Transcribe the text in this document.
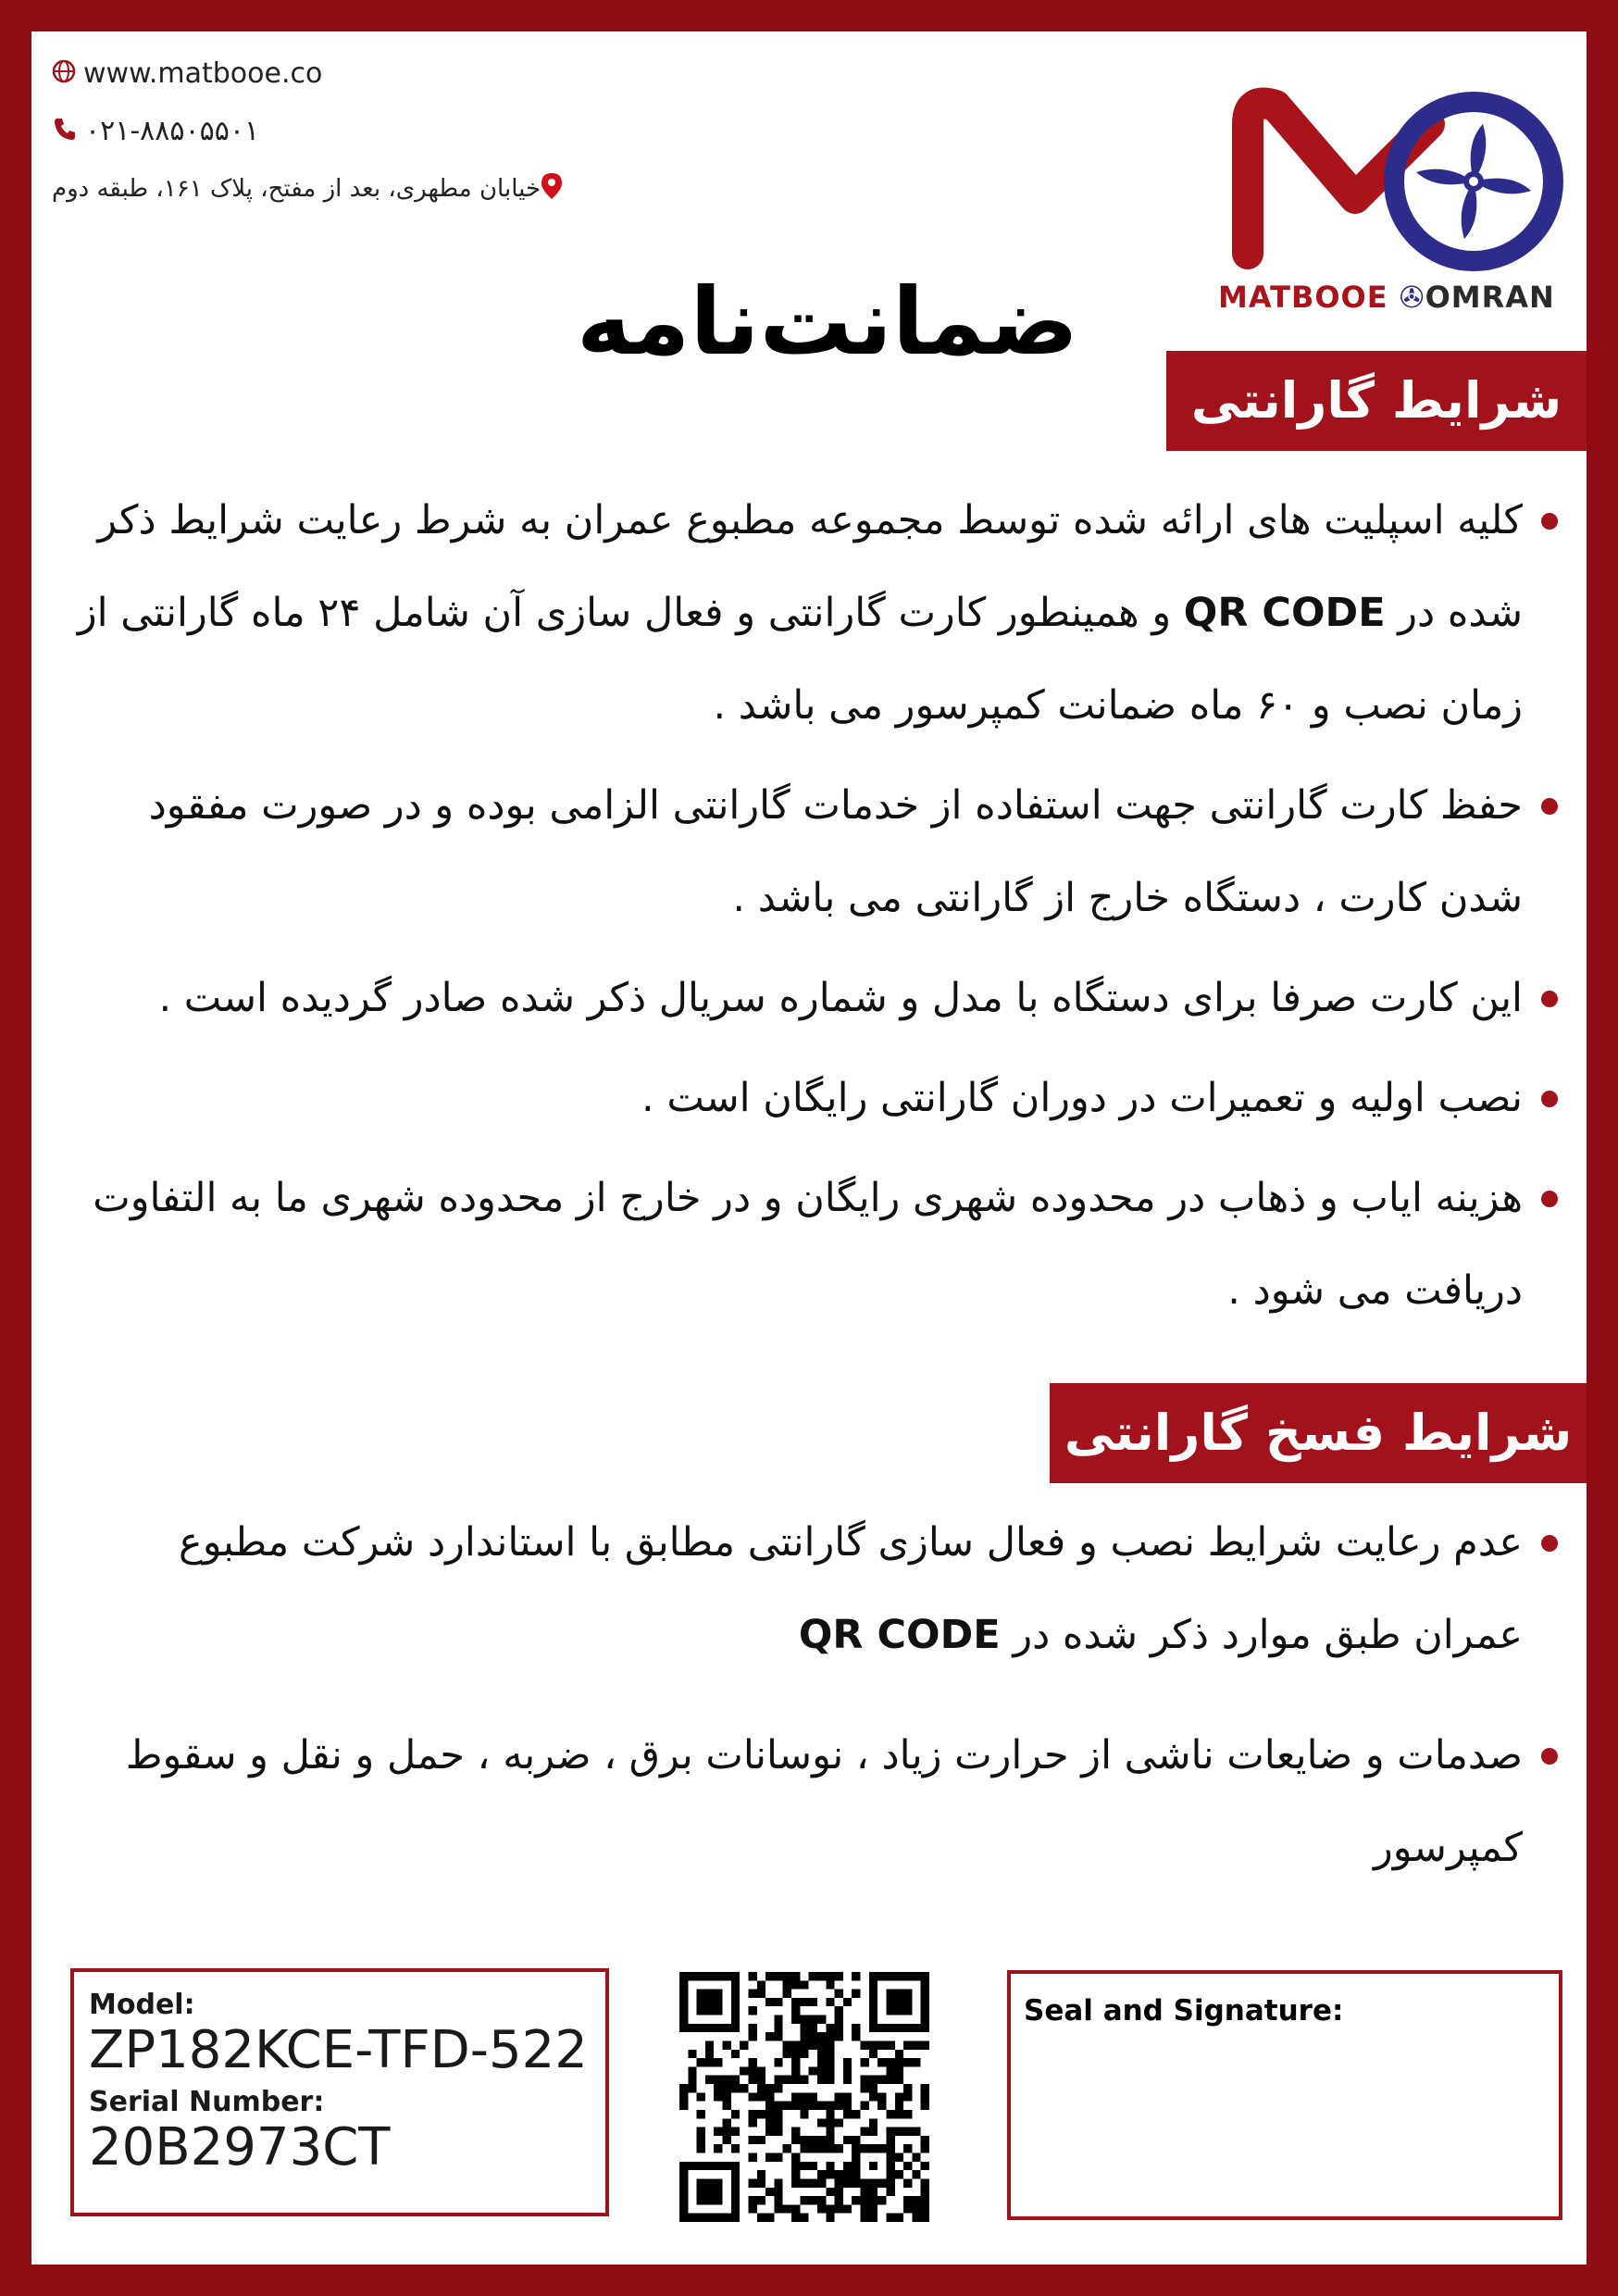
www.matbooe.co
۰۲۱-۸۸۵۰۵۵۰۱
خیابان مطهری، بعد از مفتح، پلاک ۱۶۱، طبقه دوم
MATBOOE ✇OMRAN
ضمانت‌نامه
شرایط گارانتی
کلیه اسپلیت های ارائه شده توسط مجموعه مطبوع عمران به شرط رعایت شرایط ذکر شده در QR CODE و همینطور کارت گارانتی و فعال سازی آن شامل ۲۴ ماه گارانتی از زمان نصب و ۶۰ ماه ضمانت کمپرسور می باشد .
حفظ کارت گارانتی جهت استفاده از خدمات گارانتی الزامی بوده و در صورت مفقود شدن کارت ، دستگاه خارج از گارانتی می باشد .
این کارت صرفا برای دستگاه با مدل و شماره سریال ذکر شده صادر گردیده است .
نصب اولیه و تعمیرات در دوران گارانتی رایگان است .
هزینه ایاب و ذهاب در محدوده شهری رایگان و در خارج از محدوده شهری ما به التفاوت دریافت می شود .
شرایط فسخ گارانتی
عدم رعایت شرایط نصب و فعال سازی گارانتی مطابق با استاندارد شرکت مطبوع عمران طبق موارد ذکر شده در QR CODE
صدمات و ضایعات ناشی از حرارت زیاد ، نوسانات برق ، ضربه ، حمل و نقل و سقوط کمپرسور
Model:
ZP182KCE-TFD-522
Serial Number:
20B2973CT
Seal and Signature:
